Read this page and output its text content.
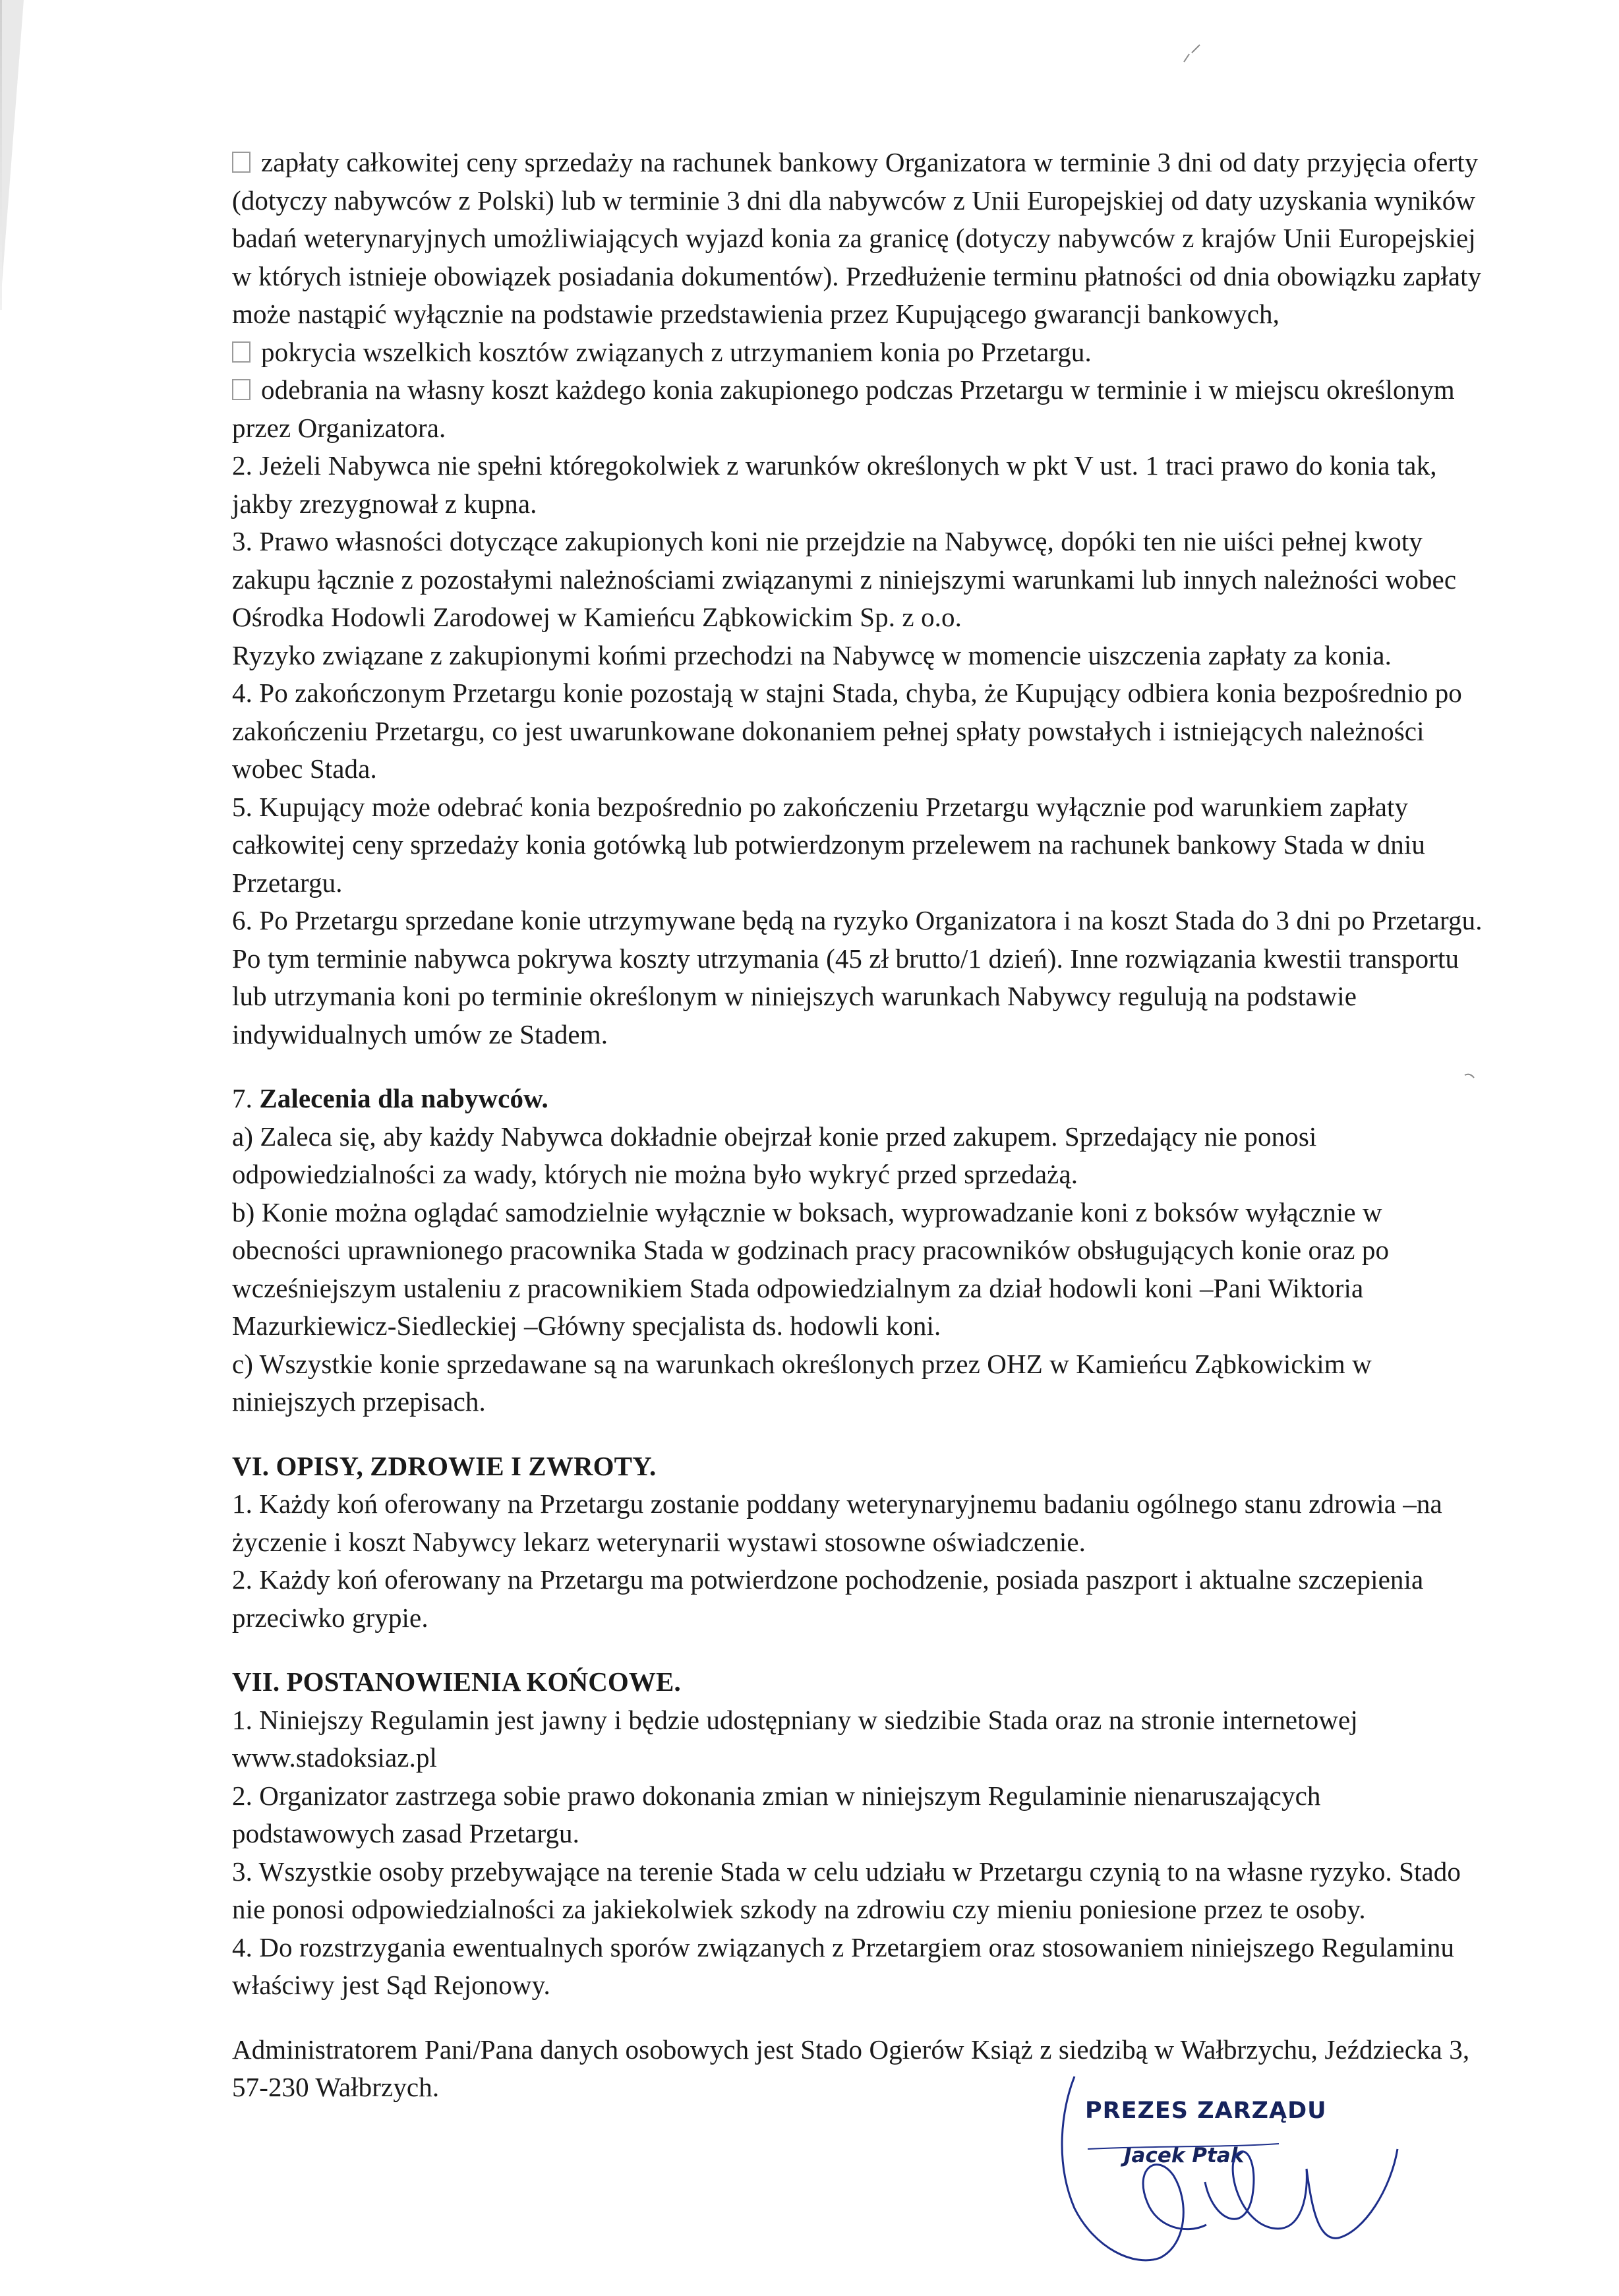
zapłaty całkowitej ceny sprzedaży na rachunek bankowy Organizatora w terminie 3 dni od daty przyjęcia oferty (dotyczy nabywców z Polski) lub w terminie 3 dni dla nabywców z Unii Europejskiej od daty uzyskania wyników badań weterynaryjnych umożliwiających wyjazd konia za granicę (dotyczy nabywców z krajów Unii Europejskiej w których istnieje obowiązek posiadania dokumentów). Przedłużenie terminu płatności od dnia obowiązku zapłaty może nastąpić wyłącznie na podstawie przedstawienia przez Kupującego gwarancji bankowych,

pokrycia wszelkich kosztów związanych z utrzymaniem konia po Przetargu.

odebrania na własny koszt każdego konia zakupionego podczas Przetargu w terminie i w miejscu określonym przez Organizatora.

2. Jeżeli Nabywca nie spełni któregokolwiek z warunków określonych w pkt V ust. 1 traci prawo do konia tak, jakby zrezygnował z kupna.

3. Prawo własności dotyczące zakupionych koni nie przejdzie na Nabywcę, dopóki ten nie uiści pełnej kwoty zakupu łącznie z pozostałymi należnościami związanymi z niniejszymi warunkami lub innych należności wobec Ośrodka Hodowli Zarodowej w Kamieńcu Ząbkowickim Sp. z o.o.

Ryzyko związane z zakupionymi końmi przechodzi na Nabywcę w momencie uiszczenia zapłaty za konia.

4. Po zakończonym Przetargu konie pozostają w stajni Stada, chyba, że Kupujący odbiera konia bezpośrednio po zakończeniu Przetargu, co jest uwarunkowane dokonaniem pełnej spłaty powstałych i istniejących należności wobec Stada.

5. Kupujący może odebrać konia bezpośrednio po zakończeniu Przetargu wyłącznie pod warunkiem zapłaty całkowitej ceny sprzedaży konia gotówką lub potwierdzonym przelewem na rachunek bankowy Stada w dniu Przetargu.

6. Po Przetargu sprzedane konie utrzymywane będą na ryzyko Organizatora i na koszt Stada do 3 dni po Przetargu. Po tym terminie nabywca pokrywa koszty utrzymania (45 zł brutto/1 dzień). Inne rozwiązania kwestii transportu lub utrzymania koni po terminie określonym w niniejszych warunkach Nabywcy regulują na podstawie indywidualnych umów ze Stadem.

7. Zalecenia dla nabywców.

a) Zaleca się, aby każdy Nabywca dokładnie obejrzał konie przed zakupem. Sprzedający nie ponosi odpowiedzialności za wady, których nie można było wykryć przed sprzedażą.

b) Konie można oglądać samodzielnie wyłącznie w boksach, wyprowadzanie koni z boksów wyłącznie w obecności uprawnionego pracownika Stada w godzinach pracy pracowników obsługujących konie oraz po wcześniejszym ustaleniu z pracownikiem Stada odpowiedzialnym za dział hodowli koni –Pani Wiktoria Mazurkiewicz-Siedleckiej –Główny specjalista ds. hodowli koni.

c) Wszystkie konie sprzedawane są na warunkach określonych przez OHZ w Kamieńcu Ząbkowickim w niniejszych przepisach.

VI. OPISY, ZDROWIE I ZWROTY.

1. Każdy koń oferowany na Przetargu zostanie poddany weterynaryjnemu badaniu ogólnego stanu zdrowia –na życzenie i koszt Nabywcy lekarz weterynarii wystawi stosowne oświadczenie.

2. Każdy koń oferowany na Przetargu ma potwierdzone pochodzenie, posiada paszport i aktualne szczepienia przeciwko grypie.

VII. POSTANOWIENIA KOŃCOWE.

1. Niniejszy Regulamin jest jawny i będzie udostępniany w siedzibie Stada oraz na stronie internetowej www.stadoksiaz.pl

2. Organizator zastrzega sobie prawo dokonania zmian w niniejszym Regulaminie nienaruszających podstawowych zasad Przetargu.

3. Wszystkie osoby przebywające na terenie Stada w celu udziału w Przetargu czynią to na własne ryzyko. Stado nie ponosi odpowiedzialności za jakiekolwiek szkody na zdrowiu czy mieniu poniesione przez te osoby.

4. Do rozstrzygania ewentualnych sporów związanych z Przetargiem oraz stosowaniem niniejszego Regulaminu właściwy jest Sąd Rejonowy.

Administratorem Pani/Pana danych osobowych jest Stado Ogierów Książ z siedzibą w Wałbrzychu, Jeździecka 3, 57-230 Wałbrzych.

PREZES ZARZĄDU
Jacek Ptak
